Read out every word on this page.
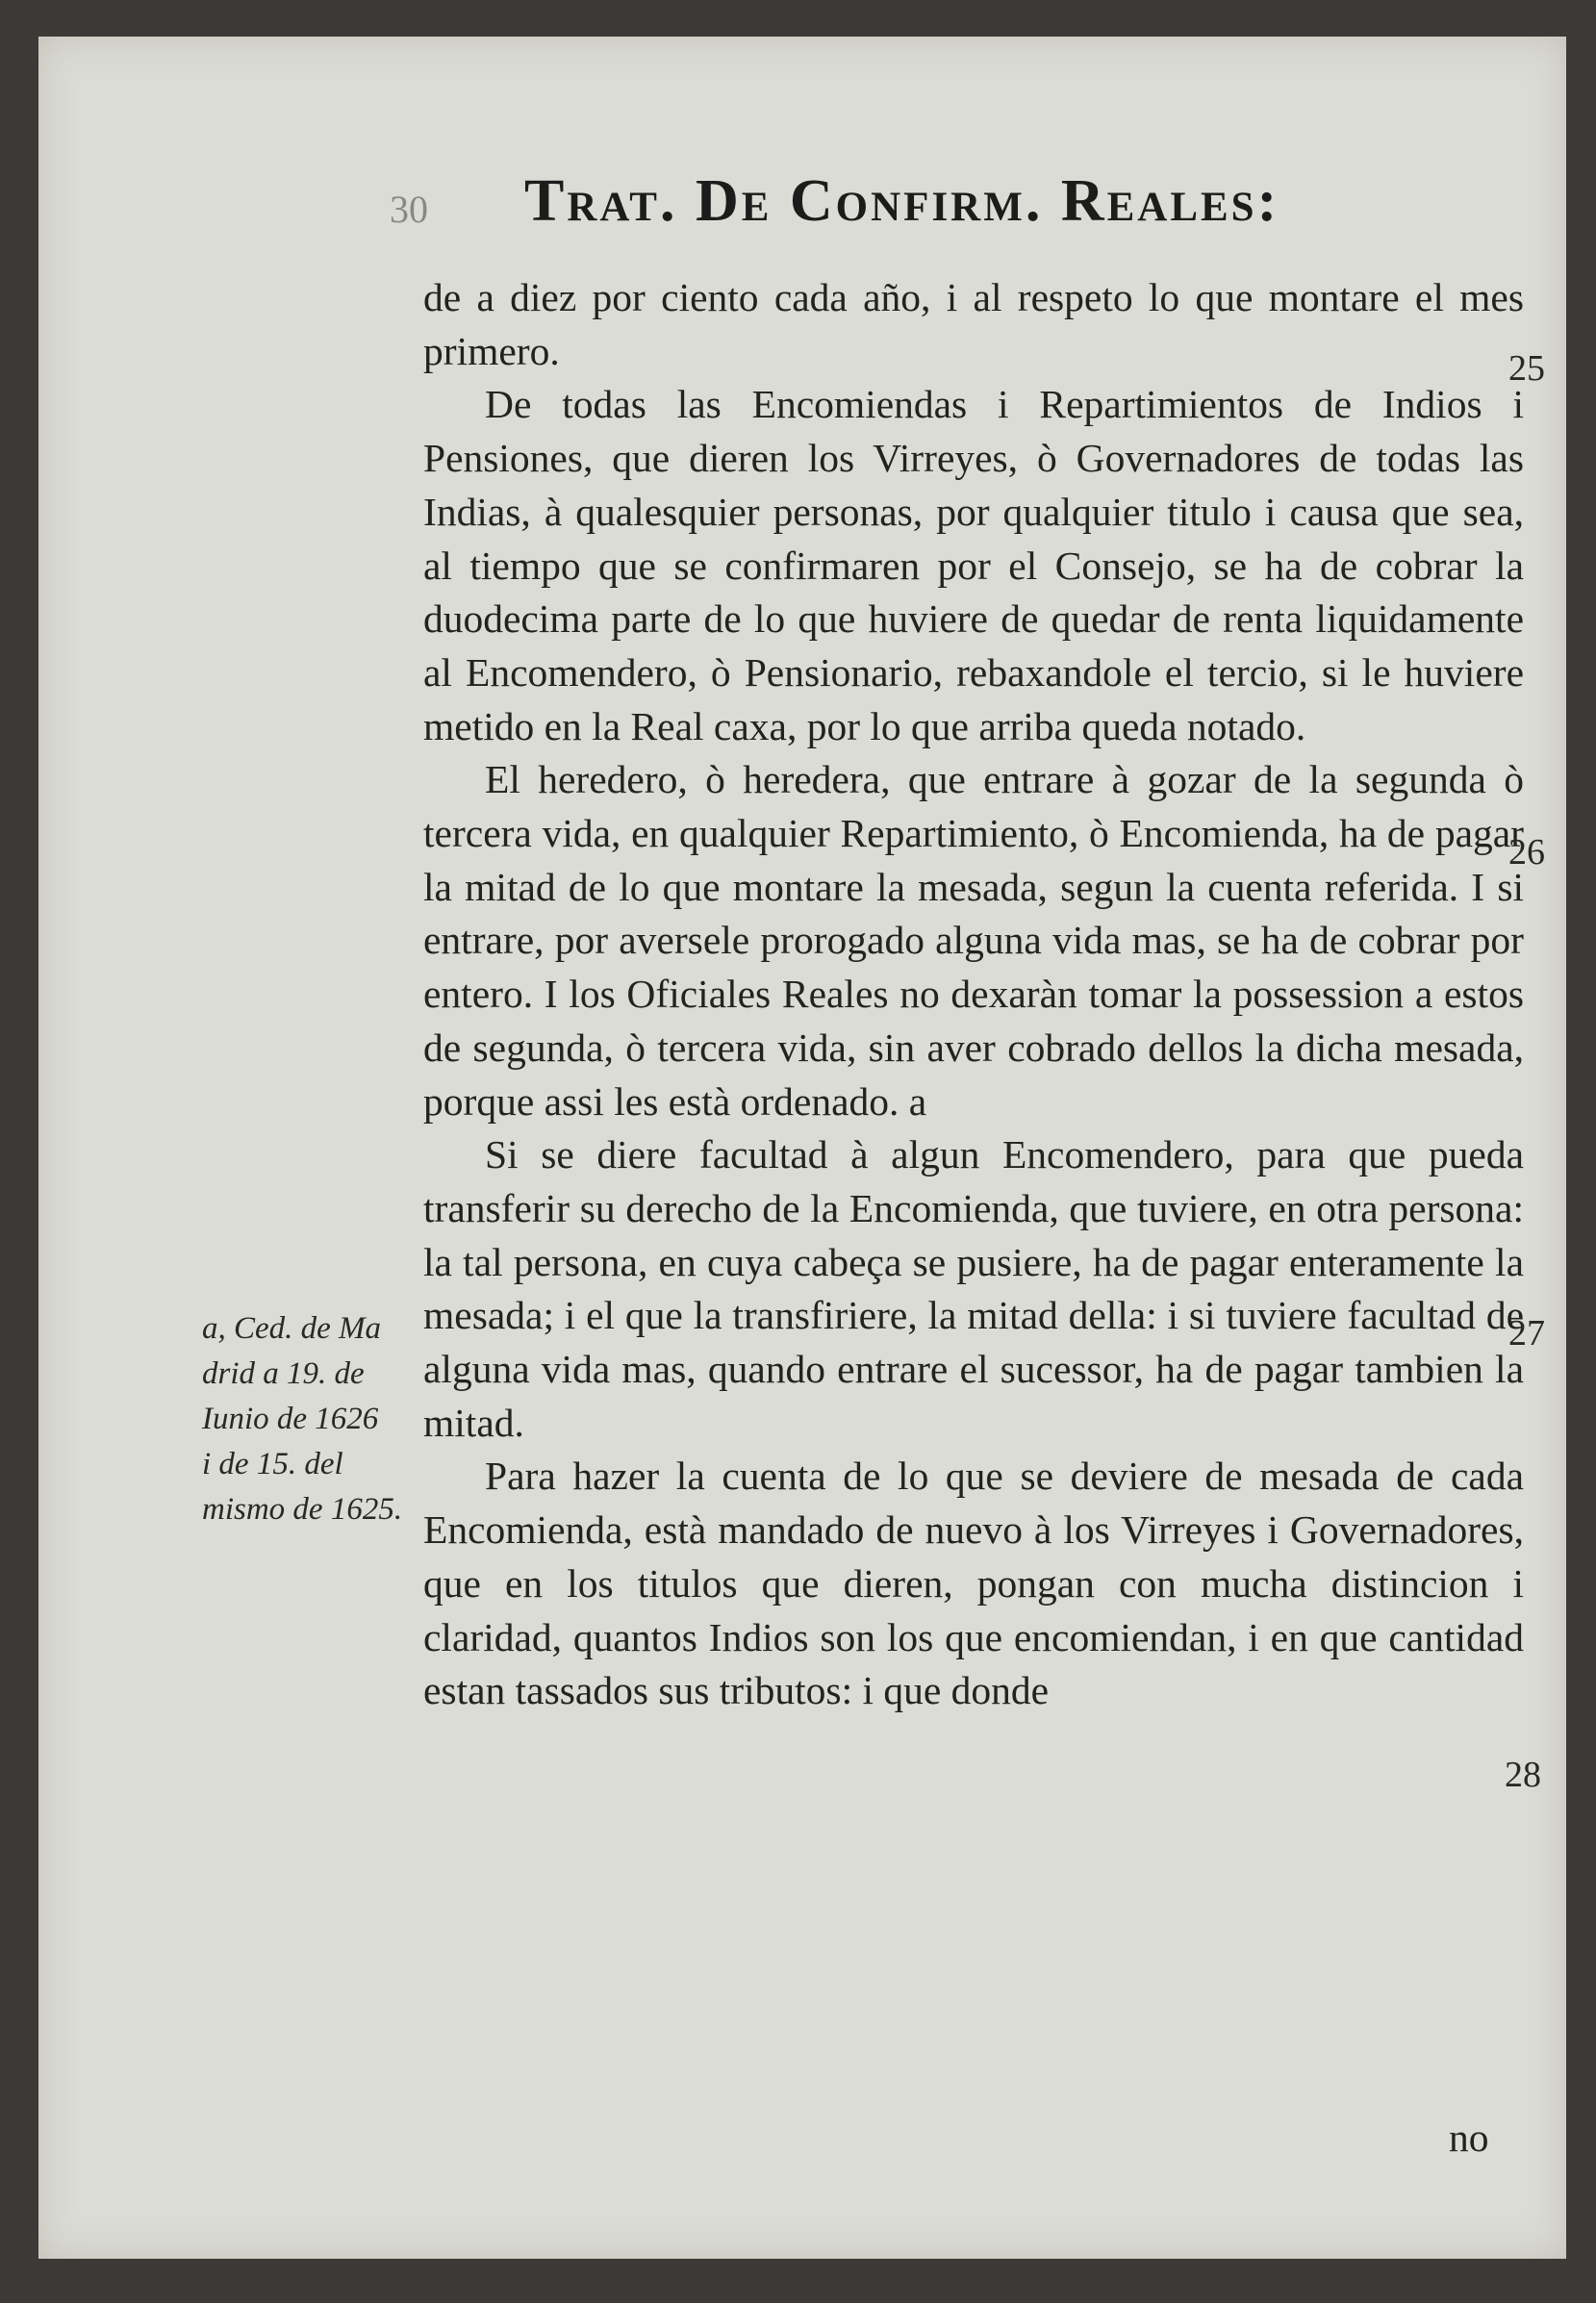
30 Trat. De Confirm. Reales:

de a diez por ciento cada año, i al respeto lo que montare el mes primero.

De todas las Encomiendas i Repartimientos de Indios i Pensiones, que dieren los Virreyes, ò Governadores de todas las Indias, à qualesquier personas, por qualquier titulo i causa que sea, al tiempo que se confirmaren por el Consejo, se ha de cobrar la duodecima parte de lo que huviere de quedar de renta liquidamente al Encomendero, ò Pensionario, rebaxandole el tercio, si le huviere metido en la Real caxa, por lo que arriba queda notado.

El heredero, ò heredera, que entrare à gozar de la segunda ò tercera vida, en qualquier Repartimiento, ò Encomienda, ha de pagar la mitad de lo que montare la mesada, segun la cuenta referida. I si entrare, por aversele prorogado alguna vida mas, se ha de cobrar por entero. I los Oficiales Reales no dexaràn tomar la possession a estos de segunda, ò tercera vida, sin aver cobrado dellos la dicha mesada, porque assi les està ordenado. a

Si se diere facultad à algun Encomendero, para que pueda transferir su derecho de la Encomienda, que tuviere, en otra persona: la tal persona, en cuya cabeça se pusiere, ha de pagar enteramente la mesada; i el que la transfiriere, la mitad della: i si tuviere facultad de alguna vida mas, quando entrare el sucessor, ha de pagar tambien la mitad.

Para hazer la cuenta de lo que se deviere de mesada de cada Encomienda, està mandado de nuevo à los Virreyes i Governadores, que en los titulos que dieren, pongan con mucha distincion i claridad, quantos Indios son los que encomiendan, i en que cantidad estan tassados sus tributos: i que donde

25
26
27
28
a, Ced. de Ma
drid a 19. de
Iunio de 1626
i de 15. del
mismo de 1625.
no
